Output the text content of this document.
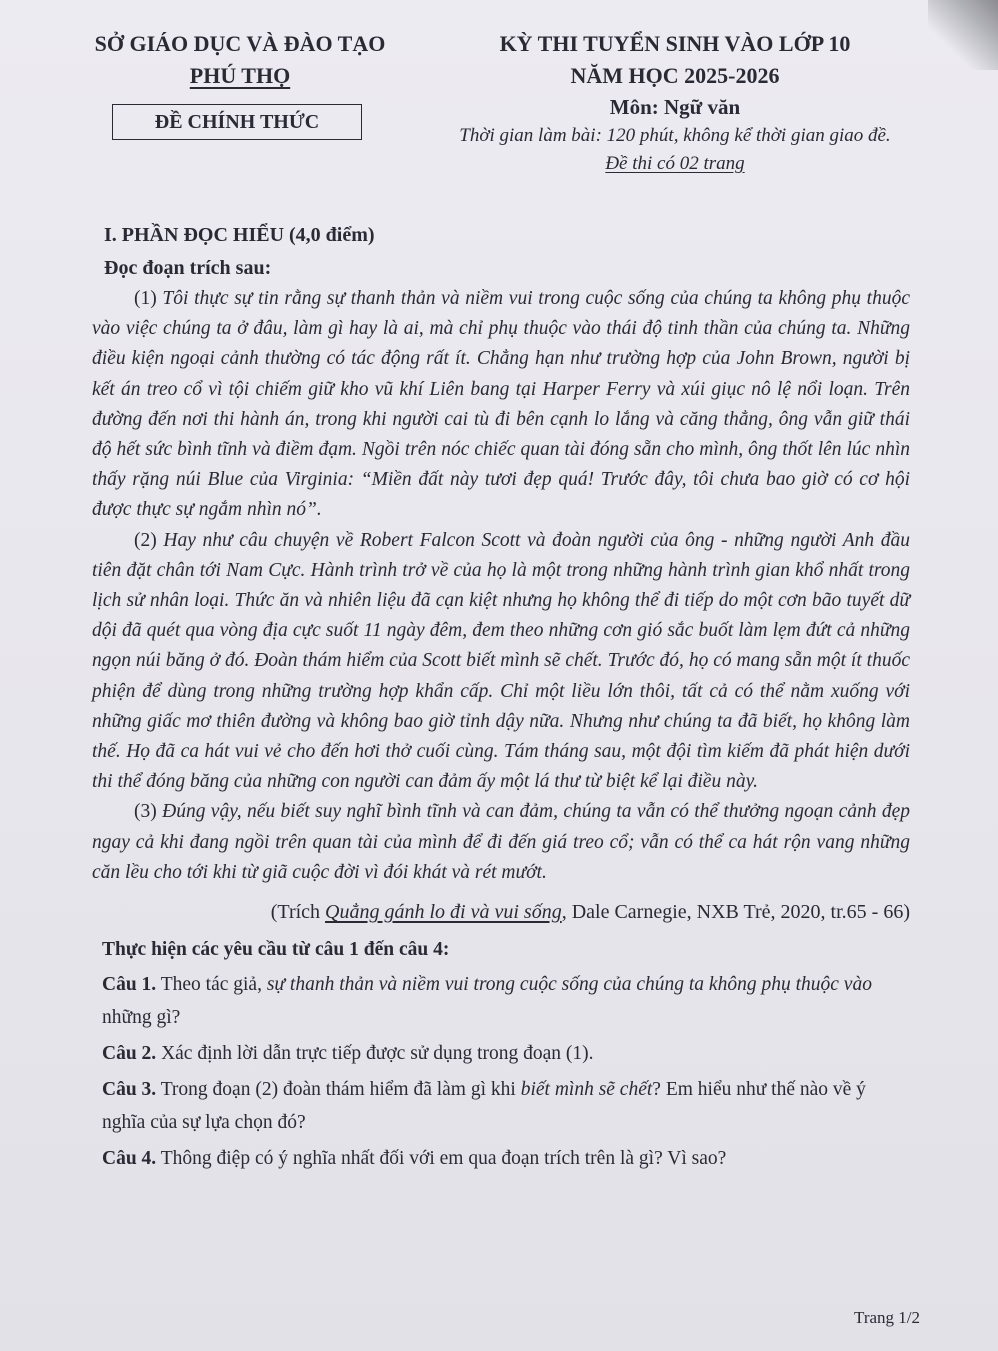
SỞ GIÁO DỤC VÀ ĐÀO TẠO
PHÚ THỌ
ĐỀ CHÍNH THỨC
KỲ THI TUYỂN SINH VÀO LỚP 10
NĂM HỌC 2025-2026
Môn: Ngữ văn
Thời gian làm bài: 120 phút, không kể thời gian giao đề.
Đề thi có 02 trang
I. PHẦN ĐỌC HIỂU (4,0 điểm)
Đọc đoạn trích sau:

(1) Tôi thực sự tin rằng sự thanh thản và niềm vui trong cuộc sống của chúng ta không phụ thuộc vào việc chúng ta ở đâu, làm gì hay là ai, mà chỉ phụ thuộc vào thái độ tinh thần của chúng ta. Những điều kiện ngoại cảnh thường có tác động rất ít. Chẳng hạn như trường hợp của John Brown, người bị kết án treo cổ vì tội chiếm giữ kho vũ khí Liên bang tại Harper Ferry và xúi giục nô lệ nổi loạn. Trên đường đến nơi thi hành án, trong khi người cai tù đi bên cạnh lo lắng và căng thẳng, ông vẫn giữ thái độ hết sức bình tĩnh và điềm đạm. Ngồi trên nóc chiếc quan tài đóng sẵn cho mình, ông thốt lên lúc nhìn thấy rặng núi Blue của Virginia: “Miền đất này tươi đẹp quá! Trước đây, tôi chưa bao giờ có cơ hội được thực sự ngắm nhìn nó”.

(2) Hay như câu chuyện về Robert Falcon Scott và đoàn người của ông - những người Anh đầu tiên đặt chân tới Nam Cực. Hành trình trở về của họ là một trong những hành trình gian khổ nhất trong lịch sử nhân loại. Thức ăn và nhiên liệu đã cạn kiệt nhưng họ không thể đi tiếp do một cơn bão tuyết dữ dội đã quét qua vòng địa cực suốt 11 ngày đêm, đem theo những cơn gió sắc buốt làm lẹm đứt cả những ngọn núi băng ở đó. Đoàn thám hiểm của Scott biết mình sẽ chết. Trước đó, họ có mang sẵn một ít thuốc phiện để dùng trong những trường hợp khẩn cấp. Chỉ một liều lớn thôi, tất cả có thể nằm xuống với những giấc mơ thiên đường và không bao giờ tỉnh dậy nữa. Nhưng như chúng ta đã biết, họ không làm thế. Họ đã ca hát vui vẻ cho đến hơi thở cuối cùng. Tám tháng sau, một đội tìm kiếm đã phát hiện dưới thi thể đóng băng của những con người can đảm ấy một lá thư từ biệt kể lại điều này.

(3) Đúng vậy, nếu biết suy nghĩ bình tĩnh và can đảm, chúng ta vẫn có thể thưởng ngoạn cảnh đẹp ngay cả khi đang ngồi trên quan tài của mình để đi đến giá treo cổ; vẫn có thể ca hát rộn vang những căn lều cho tới khi từ giã cuộc đời vì đói khát và rét mướt.

(Trích Quẳng gánh lo đi và vui sống, Dale Carnegie, NXB Trẻ, 2020, tr.65 - 66)
Thực hiện các yêu cầu từ câu 1 đến câu 4:
Câu 1. Theo tác giả, sự thanh thản và niềm vui trong cuộc sống của chúng ta không phụ thuộc vào những gì?
Câu 2. Xác định lời dẫn trực tiếp được sử dụng trong đoạn (1).
Câu 3. Trong đoạn (2) đoàn thám hiểm đã làm gì khi biết mình sẽ chết? Em hiểu như thế nào về ý nghĩa của sự lựa chọn đó?
Câu 4. Thông điệp có ý nghĩa nhất đối với em qua đoạn trích trên là gì? Vì sao?
Trang 1/2
